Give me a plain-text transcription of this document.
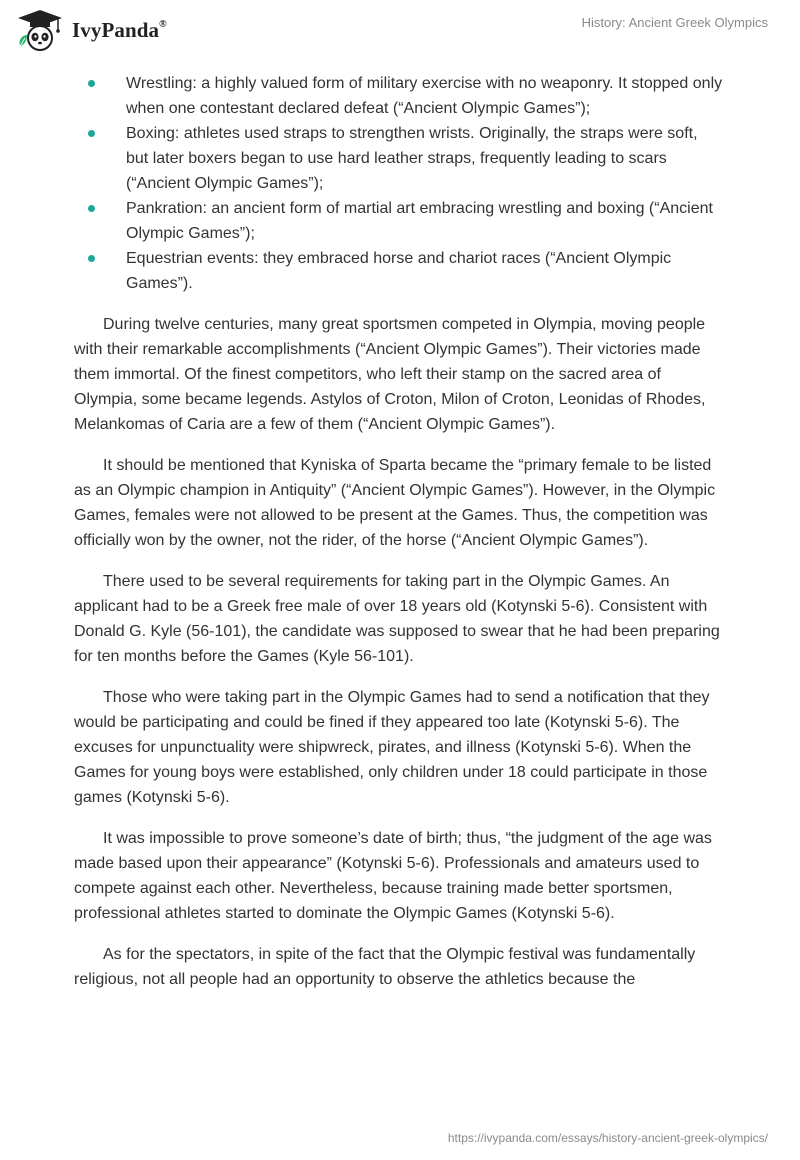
IvyPanda®	History: Ancient Greek Olympics
Wrestling: a highly valued form of military exercise with no weaponry. It stopped only when one contestant declared defeat (“Ancient Olympic Games”);
Boxing: athletes used straps to strengthen wrists. Originally, the straps were soft, but later boxers began to use hard leather straps, frequently leading to scars (“Ancient Olympic Games”);
Pankration: an ancient form of martial art embracing wrestling and boxing (“Ancient Olympic Games”);
Equestrian events: they embraced horse and chariot races (“Ancient Olympic Games”).

During twelve centuries, many great sportsmen competed in Olympia, moving people with their remarkable accomplishments (“Ancient Olympic Games”). Their victories made them immortal. Of the finest competitors, who left their stamp on the sacred area of Olympia, some became legends. Astylos of Croton, Milon of Croton, Leonidas of Rhodes, Melankomas of Caria are a few of them (“Ancient Olympic Games”).

It should be mentioned that Kyniska of Sparta became the “primary female to be listed as an Olympic champion in Antiquity” (“Ancient Olympic Games”). However, in the Olympic Games, females were not allowed to be present at the Games. Thus, the competition was officially won by the owner, not the rider, of the horse (“Ancient Olympic Games”).

There used to be several requirements for taking part in the Olympic Games. An applicant had to be a Greek free male of over 18 years old (Kotynski 5-6). Consistent with Donald G. Kyle (56-101), the candidate was supposed to swear that he had been preparing for ten months before the Games (Kyle 56-101).

Those who were taking part in the Olympic Games had to send a notification that they would be participating and could be fined if they appeared too late (Kotynski 5-6). The excuses for unpunctuality were shipwreck, pirates, and illness (Kotynski 5-6). When the Games for young boys were established, only children under 18 could participate in those games (Kotynski 5-6).

It was impossible to prove someone’s date of birth; thus, “the judgment of the age was made based upon their appearance” (Kotynski 5-6). Professionals and amateurs used to compete against each other. Nevertheless, because training made better sportsmen, professional athletes started to dominate the Olympic Games (Kotynski 5-6).

As for the spectators, in spite of the fact that the Olympic festival was fundamentally religious, not all people had an opportunity to observe the athletics because the

https://ivypanda.com/essays/history-ancient-greek-olympics/
